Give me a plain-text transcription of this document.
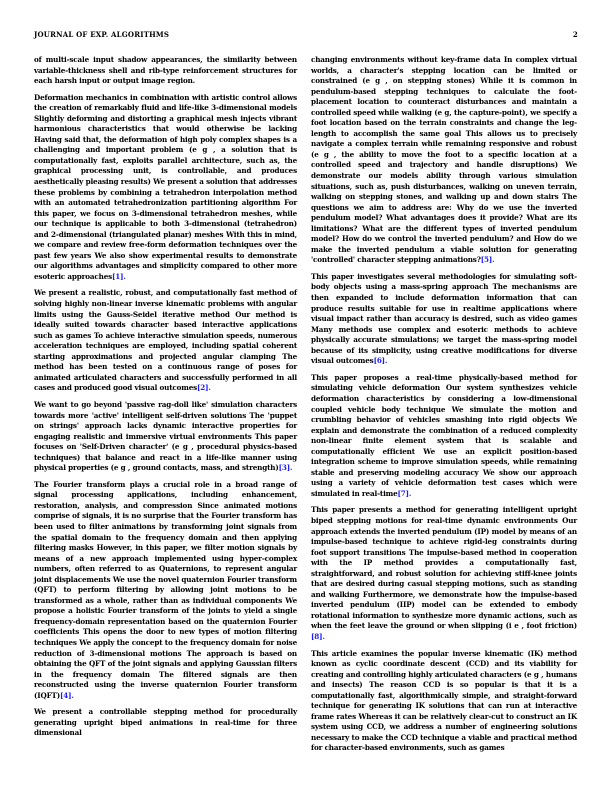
JOURNAL OF EXP. ALGORITHMS	2

of multi-scale input shadow appearances, the similarity between variable-thickness shell and rib-type reinforcement structures for each harsh input or output image region.

Deformation mechanics in combination with artistic control allows the creation of remarkably fluid and life-like 3-dimensional models Slightly deforming and distorting a graphical mesh injects vibrant harmonious characteristics that would otherwise be lacking Having said that, the deformation of high poly complex shapes is a challenging and important problem (e g , a solution that is computationally fast, exploits parallel architecture, such as, the graphical processing unit, is controllable, and produces aesthetically pleasing results) We present a solution that addresses these problems by combining a tetrahedron interpolation method with an automated tetrahedronization partitioning algorithm For this paper, we focus on 3-dimensional tetrahedron meshes, while our technique is applicable to both 3-dimensional (tetrahedron) and 2-dimensional (triangulated planar) meshes With this in mind, we compare and review free-form deformation techniques over the past few years We also show experimental results to demonstrate our algorithms advantages and simplicity compared to other more esoteric approaches[1].

We present a realistic, robust, and computationally fast method of solving highly non-linear inverse kinematic problems with angular limits using the Gauss-Seidel iterative method Our method is ideally suited towards character based interactive applications such as games To achieve interactive simulation speeds, numerous acceleration techniques are employed, including spatial coherent starting approximations and projected angular clamping The method has been tested on a continuous range of poses for animated articulated characters and successfully performed in all cases and produced good visual outcomes[2].

We want to go beyond 'passive rag-doll like' simulation characters towards more 'active' intelligent self-driven solutions The 'puppet on strings' approach lacks dynamic interactive properties for engaging realistic and immersive virtual environments This paper focuses on 'Self-Driven character' (e g , procedural physics-based techniques) that balance and react in a life-like manner using physical properties (e g , ground contacts, mass, and strength)[3].

The Fourier transform plays a crucial role in a broad range of signal processing applications, including enhancement, restoration, analysis, and compression Since animated motions comprise of signals, it is no surprise that the Fourier transform has been used to filter animations by transforming joint signals from the spatial domain to the frequency domain and then applying filtering masks However, in this paper, we filter motion signals by means of a new approach implemented using hyper-complex numbers, often referred to as Quaternions, to represent angular joint displacements We use the novel quaternion Fourier transform (QFT) to perform filtering by allowing joint motions to be transformed as a whole, rather than as individual components We propose a holistic Fourier transform of the joints to yield a single frequency-domain representation based on the quaternion Fourier coefficients This opens the door to new types of motion filtering techniques We apply the concept to the frequency domain for noise reduction of 3-dimensional motions The approach is based on obtaining the QFT of the joint signals and applying Gaussian filters in the frequency domain The filtered signals are then reconstructed using the inverse quaternion Fourier transform (IQFT)[4].

We present a controllable stepping method for procedurally generating upright biped animations in real-time for three dimensional

changing environments without key-frame data In complex virtual worlds, a character's stepping location can be limited or constrained (e g , on stepping stones) While it is common in pendulum-based stepping techniques to calculate the foot-placement location to counteract disturbances and maintain a controlled speed while walking (e g, the capture-point), we specify a foot location based on the terrain constraints and change the leg-length to accomplish the same goal This allows us to precisely navigate a complex terrain while remaining responsive and robust (e g , the ability to move the foot to a specific location at a controlled speed and trajectory and handle disruptions) We demonstrate our models ability through various simulation situations, such as, push disturbances, walking on uneven terrain, walking on stepping stones, and walking up and down stairs The questions we aim to address are: Why do we use the inverted pendulum model? What advantages does it provide? What are its limitations? What are the different types of inverted pendulum model? How do we control the inverted pendulum? and How do we make the inverted pendulum a viable solution for generating 'controlled' character stepping animations?[5].

This paper investigates several methodologies for simulating soft-body objects using a mass-spring approach The mechanisms are then expanded to include deformation information that can produce results suitable for use in realtime applications where visual impact rather than accuracy is desired, such as video games Many methods use complex and esoteric methods to achieve physically accurate simulations; we target the mass-spring model because of its simplicity, using creative modifications for diverse visual outcomes[6].

This paper proposes a real-time physically-based method for simulating vehicle deformation Our system synthesizes vehicle deformation characteristics by considering a low-dimensional coupled vehicle body technique We simulate the motion and crumbling behavior of vehicles smashing into rigid objects We explain and demonstrate the combination of a reduced complexity non-linear finite element system that is scalable and computationally efficient We use an explicit position-based integration scheme to improve simulation speeds, while remaining stable and preserving modeling accuracy We show our approach using a variety of vehicle deformation test cases which were simulated in real-time[7].

This paper presents a method for generating intelligent upright biped stepping motions for real-time dynamic environments Our approach extends the inverted pendulum (IP) model by means of an impulse-based technique to achieve rigid-leg constraints during foot support transitions The impulse-based method in cooperation with the IP method provides a computationally fast, straightforward, and robust solution for achieving stiff-knee joints that are desired during casual stepping motions, such as standing and walking Furthermore, we demonstrate how the impulse-based inverted pendulum (IIP) model can be extended to embody rotational information to synthesize more dynamic actions, such as when the feet leave the ground or when slipping (i e , foot friction)[8].

This article examines the popular inverse kinematic (IK) method known as cyclic coordinate descent (CCD) and its viability for creating and controlling highly articulated characters (e g , humans and insects) The reason CCD is so popular is that it is a computationally fast, algorithmically simple, and straight-forward technique for generating IK solutions that can run at interactive frame rates Whereas it can be relatively clear-cut to construct an IK system using CCD, we address a number of engineering solutions necessary to make the CCD technique a viable and practical method for character-based environments, such as games
